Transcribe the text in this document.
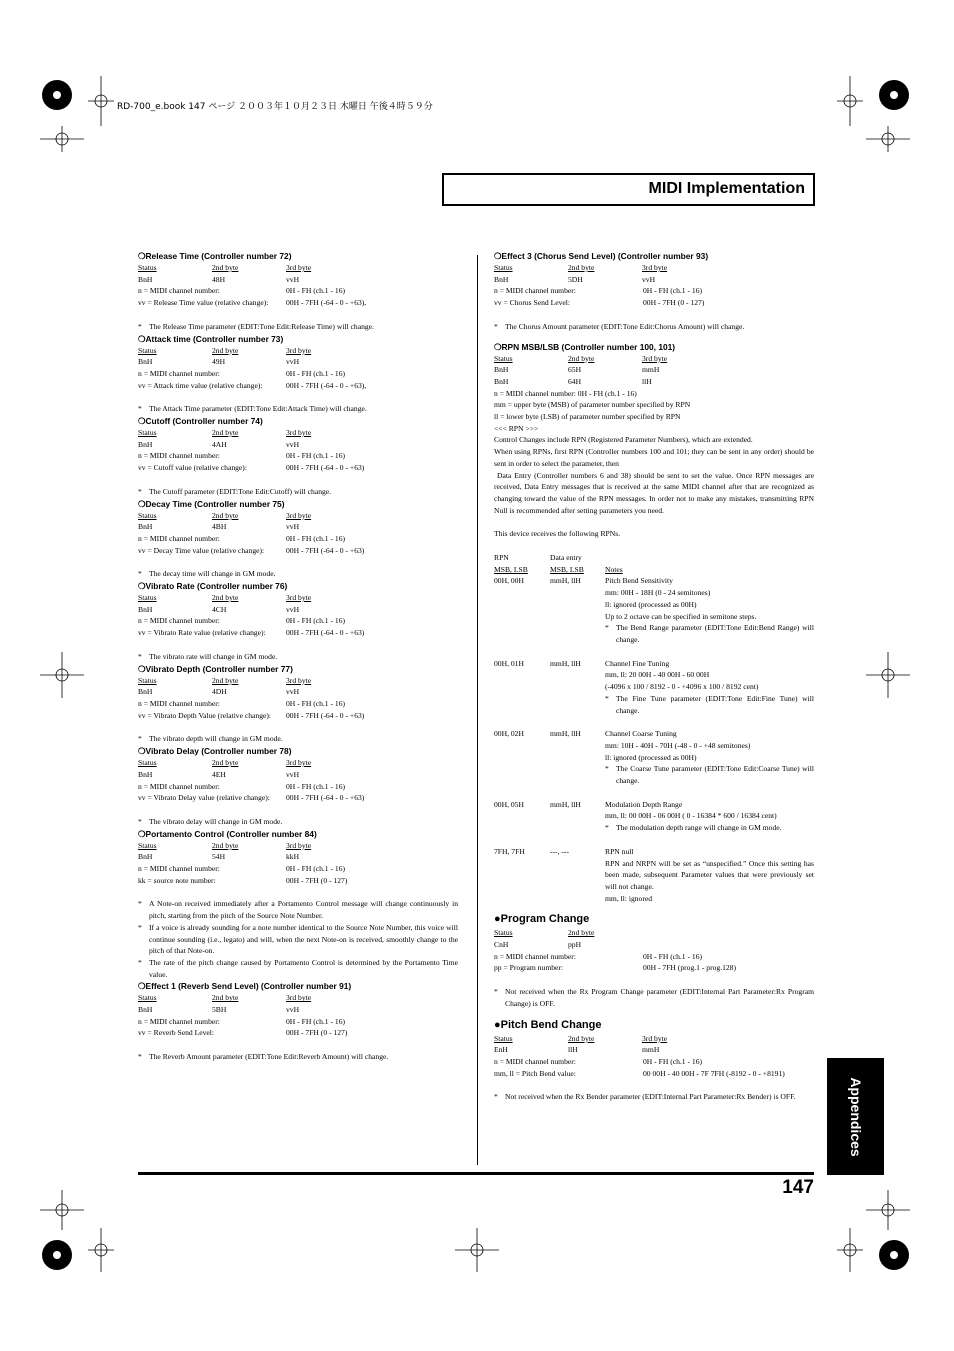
RD-700_e.book 147 ページ ２００３年１０月２３日 木曜日 午後４時５９分
MIDI Implementation
❍Release Time (Controller number 72)
Status	2nd byte	3rd byte
BnH	48H	vvH
n = MIDI channel number:	0H - FH (ch.1 - 16)
vv = Release Time value (relative change):	00H - 7FH (-64 - 0 - +63),
* The Release Time parameter (EDIT:Tone Edit:Release Time) will change.
❍Attack time (Controller number 73)
Status	2nd byte	3rd byte
BnH	49H	vvH
n = MIDI channel number:	0H - FH (ch.1 - 16)
vv = Attack time value (relative change):	00H - 7FH (-64 - 0 - +63),
* The Attack Time parameter (EDIT:Tone Edit:Attack Time) will change.
❍Cutoff (Controller number 74)
Status	2nd byte	3rd byte
BnH	4AH	vvH
n = MIDI channel number:	0H - FH (ch.1 - 16)
vv = Cutoff value (relative change):	00H - 7FH (-64 - 0 - +63)
* The Cutoff parameter (EDIT:Tone Edit:Cutoff) will change.
❍Decay Time (Controller number 75)
Status	2nd byte	3rd byte
BnH	4BH	vvH
n = MIDI channel number:	0H - FH (ch.1 - 16)
vv = Decay Time value (relative change):	00H - 7FH (-64 - 0 - +63)
* The decay time will change in GM mode.
❍Vibrato Rate (Controller number 76)
Status	2nd byte	3rd byte
BnH	4CH	vvH
n = MIDI channel number:	0H - FH (ch.1 - 16)
vv = Vibrato Rate value (relative change):	00H - 7FH (-64 - 0 - +63)
* The vibrato rate will change in GM mode.
❍Vibrato Depth (Controller number 77)
Status	2nd byte	3rd byte
BnH	4DH	vvH
n = MIDI channel number:	0H - FH (ch.1 - 16)
vv = Vibrato Depth Value (relative change):	00H - 7FH (-64 - 0 - +63)
* The vibrato depth will change in GM mode.
❍Vibrato Delay (Controller number 78)
Status	2nd byte	3rd byte
BnH	4EH	vvH
n = MIDI channel number:	0H - FH (ch.1 - 16)
vv = Vibrato Delay value (relative change):	00H - 7FH (-64 - 0 - +63)
* The vibrato delay will change in GM mode.
❍Portamento Control (Controller number 84)
Status	2nd byte	3rd byte
BnH	54H	kkH
n = MIDI channel number:	0H - FH (ch.1 - 16)
kk = source note number:	00H - 7FH (0 - 127)
* A Note-on received immediately after a Portamento Control message will change continuously in pitch, starting from the pitch of the Source Note Number.
* If a voice is already sounding for a note number identical to the Source Note Number, this voice will continue sounding (i.e., legato) and will, when the next Note-on is received, smoothly change to the pitch of that Note-on.
* The rate of the pitch change caused by Portamento Control is determined by the Portamento Time value.
❍Effect 1 (Reverb Send Level) (Controller number 91)
Status	2nd byte	3rd byte
BnH	5BH	vvH
n = MIDI channel number:	0H - FH (ch.1 - 16)
vv = Reverb Send Level:	00H - 7FH (0 - 127)
* The Reverb Amount parameter (EDIT:Tone Edit:Reverb Amount) will change.
❍Effect 3 (Chorus Send Level) (Controller number 93)
Status	2nd byte	3rd byte
BnH	5DH	vvH
n = MIDI channel number:	0H - FH (ch.1 - 16)
vv = Chorus Send Level:	00H - 7FH (0 - 127)
* The Chorus Amount parameter (EDIT:Tone Edit:Chorus Amount) will change.
❍RPN MSB/LSB (Controller number 100, 101)
Status	2nd byte	3rd byte
BnH	65H	mmH
BnH	64H	llH
n = MIDI channel number: 0H - FH (ch.1 - 16)
mm = upper byte (MSB) of parameter number specified by RPN
ll = lower byte (LSB) of parameter number specified by RPN
<<< RPN >>>
Control Changes include RPN (Registered Parameter Numbers), which are extended.
When using RPNs, first RPN (Controller numbers 100 and 101; they can be sent in any order) should be sent in order to select the parameter, then
Data Entry (Controller numbers 6 and 38) should be sent to set the value. Once RPN messages are received, Data Entry messages that is received at the same MIDI channel after that are recognized as changing toward the value of the RPN messages. In order not to make any mistakes, transmitting RPN Null is recommended after setting parameters you need.
This device receives the following RPNs.
RPN	Data entry
MSB, LSB	MSB, LSB	Notes
00H, 00H	mmH, llH	Pitch Bend Sensitivity
mm: 00H - 18H (0 - 24 semitones)
ll: ignored (processed as 00H)
Up to 2 octave can be specified in semitone steps.
* The Bend Range parameter (EDIT:Tone Edit:Bend Range) will change.
00H, 01H	mmH, llH	Channel Fine Tuning
mm, ll: 20 00H - 40 00H - 60 00H
(-4096 x 100 / 8192 - 0 - +4096 x 100 / 8192 cent)
* The Fine Tune parameter (EDIT:Tone Edit:Fine Tune) will change.
00H, 02H	mmH, llH	Channel Coarse Tuning
mm: 10H - 40H - 70H (-48 - 0 - +48 semitones)
ll: ignored (processed as 00H)
* The Coarse Tune parameter (EDIT:Tone Edit:Coarse Tune) will change.
00H, 05H	mmH, llH	Modulation Depth Range
mm, ll: 00 00H - 06 00H ( 0 - 16384 * 600 / 16384 cent)
* The modulation depth range will change in GM mode.
7FH, 7FH	---, ---	RPN null
RPN and NRPN will be set as “unspecified.” Once this setting has been made, subsequent Parameter values that were previously set will not change.
mm, ll: ignored
●Program Change
Status	2nd byte
CnH	ppH
n = MIDI channel number:	0H - FH (ch.1 - 16)
pp = Program number:	00H - 7FH (prog.1 - prog.128)
* Not received when the Rx Program Change parameter (EDIT:Internal Part Parameter:Rx Program Change) is OFF.
●Pitch Bend Change
Status	2nd byte	3rd byte
EnH	llH	mmH
n = MIDI channel number:	0H - FH (ch.1 - 16)
mm, ll = Pitch Bend value:	00 00H - 40 00H - 7F 7FH (-8192 - 0 - +8191)
* Not received when the Rx Bender parameter (EDIT:Internal Part Parameter:Rx Bender) is OFF.
147
Appendices
